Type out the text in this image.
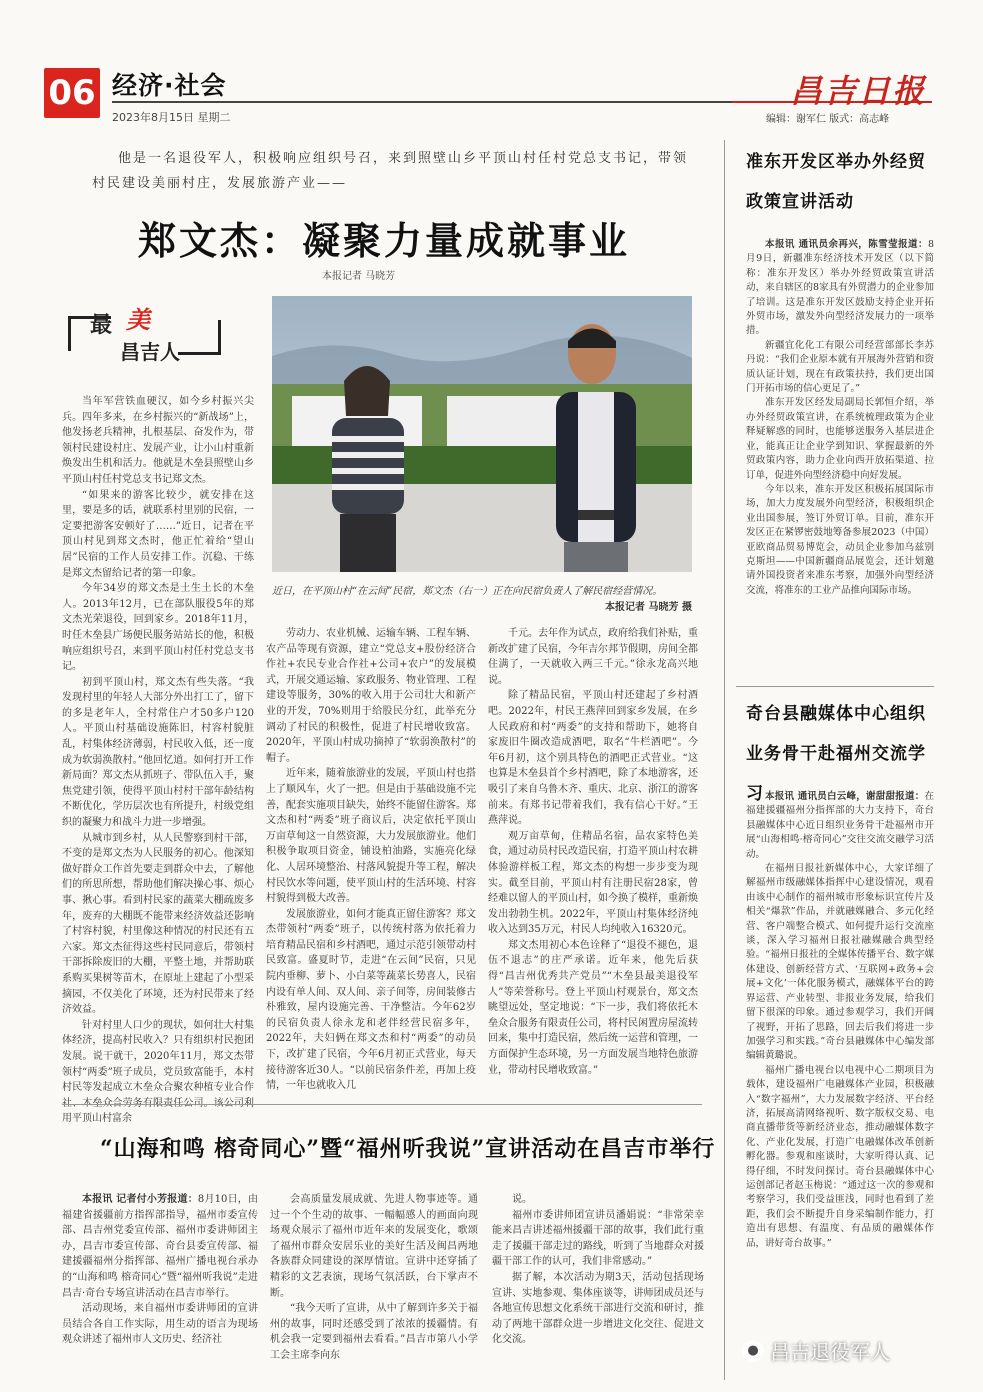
06 经济·社会
2023年8月15日 星期二
昌吉日报
编辑：谢军仁 版式：高志峰
他是一名退役军人，积极响应组织号召，来到照壁山乡平顶山村任村党总支书记，带领村民建设美丽村庄，发展旅游产业——
郑文杰：凝聚力量成就事业
本报记者 马晓芳
最 美
昌吉人
近日，在平顶山村“在云间”民宿，郑文杰（右一）正在向民宿负责人了解民宿经营情况。
本报记者 马晓芳 摄

当年军营铁血硬汉，如今乡村振兴尖兵。四年多来，在乡村振兴的“新战场”上，他发扬老兵精神，扎根基层、奋发作为，带领村民建设村庄、发展产业，让小山村重新焕发出生机和活力。他就是木垒县照壁山乡平顶山村任村党总支书记郑文杰。

“如果来的游客比较少，就安排在这里，要是多的话，就联系村里别的民宿，一定要把游客安顿好了……”近日，记者在平顶山村见到郑文杰时，他正忙着给“望山居”民宿的工作人员安排工作。沉稳、干练是郑文杰留给记者的第一印象。

今年34岁的郑文杰是土生土长的木垒人。2013年12月，已在部队服役5年的郑文杰光荣退役，回到家乡。2018年11月，时任木垒县广场便民服务站站长的他，积极响应组织号召，来到平顶山村任村党总支书记。

初到平顶山村，郑文杰有些失落。“我发现村里的年轻人大部分外出打工了，留下的多是老年人，全村常住户才50多户120人。平顶山村基础设施陈旧，村容村貌脏乱，村集体经济薄弱，村民收入低，还一度成为软弱涣散村。”他回忆道。如何打开工作新局面？郑文杰从抓班子、带队伍入手，聚焦党建引领，使得平顶山村村干部年龄结构不断优化，学历层次也有所提升，村级党组织的凝聚力和战斗力进一步增强。

从城市到乡村，从人民警察到村干部，不变的是郑文杰为人民服务的初心。他深知做好群众工作首先要走到群众中去，了解他们的所思所想，帮助他们解决操心事、烦心事、揪心事。看到村民家的蔬菜大棚疏废多年，废弃的大棚既不能带来经济效益还影响了村容村貌，村里像这种情况的村民还有五六家。郑文杰征得这些村民同意后，带领村干部拆除废旧的大棚，平整土地，并帮助联系购买果树等苗木，在原址上建起了小型采摘园，不仅美化了环境，还为村民带来了经济效益。

针对村里人口少的现状，如何壮大村集体经济，提高村民收入？只有组织村民抱团发展。说干就干，2020年11月，郑文杰带领村“两委”班子成员，党员致富能手，本村村民等发起成立木垒众合聚农种植专业合作 用平顶山村富余

劳动力、农业机械、运输车辆、工程车辆、农产品等现有资源，建立“党总支+股份经济合作社+农民专业合作社+公司+农户”的发展模式，开展交通运输、家政服务、物业管理、工程建设等服务，30%的收入用于公司壮大和新产业的开发，70%则用于给股民分红，此举充分调动了村民的积极性，促进了村民增收致富。2020年，平顶山村成功摘掉了“软弱涣散村”的帽子。

近年来，随着旅游业的发展，平顶山村也搭上了顺风车，火了一把。但是由于基础设施不完善，配套实施项目缺失，始终不能留住游客。郑文杰和村“两委”班子商议后，决定依托平顶山万亩草甸这一自然资源，大力发展旅游业。他们积极争取项目资金，铺设柏油路，实施亮化绿化、人居环境整治、村落风貌提升等工程，解决村民饮水等问题，使平顶山村的生活环境、村容村貌得到极大改善。

发展旅游业，如何才能真正留住游客？郑文杰带领村“两委”班子，以传统村落为依托着力培育精品民宿和乡村酒吧，通过示范引领带动村民致富。盛夏时节，走进“在云间”民宿，只见院内垂柳、萝卜、小白菜等蔬菜长势喜人，民宿内设有单人间、双人间、亲子间等，房间装修古朴雅致，屋内设施完善、干净整洁。今年62岁的民宿负责人徐永龙和老伴经营民宿多年，2022年，夫妇俩在郑文杰和村“两委”的动员下，改扩建了民宿，今年6月初正式营业，每天接待游客近30人。“以前民宿条件差，再加上疫情，一年也就收入几

千元。去年作为试点，政府给我们补贴，重新改扩建了民宿，今年吉尔邦节假期，房间全都住满了，一天就收入两三千元。”徐永龙高兴地说。

除了精品民宿，平顶山村还建起了乡村酒吧。2022年，村民王燕萍回到家乡发展，在乡人民政府和村“两委”的支持和帮助下，她将自家废旧牛圈改造成酒吧，取名“牛栏酒吧”。今年6月初，这个别具特色的酒吧正式营业。“这也算是木垒县首个乡村酒吧，除了本地游客，还吸引了来自乌鲁木齐、重庆、北京、浙江的游客前来。有郑书记带着我们，我有信心干好。”王燕萍说。

观万亩草甸，住精品名宿，品农家特色美食，通过动员村民改造民宿，打造平顶山村农耕体验游样板工程，郑文杰的构想一步步变为现实。截至目前，平顶山村有注册民宿28家，曾经难以留人的平顶山村，如今换了模样，重新焕发出勃勃生机。2022年，平顶山村集体经济纯收入达到35万元，村民人均纯收入16320元。

郑文杰用初心本色诠释了“退役不褪色，退伍不退志”的庄严承诺。近年来，他先后获得“昌吉州优秀共产党员”“木垒县最美退役军人”等荣誉称号。登上平顶山村观景台，郑文杰眺望远处，坚定地说：“下一步，我们将依托木垒众合服务有限责任公司，将村民闲置房屋流转回来，集中打造民宿，然后统一运营和管理，一方面保护生态环境，另一方面发展当地特色旅游业，带动村民增收致富。”

准东开发区举办外经贸政策宣讲活动

本报讯 通讯员余再兴，陈雪莹报道：8月9日，新疆准东经济技术开发区（以下简称：准东开发区）举办外经贸政策宣讲活动，来自辖区的8家具有外贸潜力的企业参加了培训。这是准东开发区鼓励支持企业开拓外贸市场，激发外向型经济发展力的一项举措。

新疆宜化化工有限公司经营部部长李苏丹说：“我们企业原本就有开展海外营销和资质认证计划，现在有政策扶持，我们更出国门开拓市场的信心更足了。”

准东开发区经发局副局长郭恒介绍，举办外经贸政策宣讲，在系统梳理政策为企业释疑解惑的同时，也能够送服务入基层进企业，能真正让企业学到知识、掌握最新的外贸政策内容，助力企业向西开放拓渠道、拉订单，促进外向型经济稳中向好发展。

今年以来，准东开发区积极拓展国际市场，加大力度发展外向型经济，积极组织企业出国参展，签订外贸订单。目前，准东开发区正在紧锣密鼓地筹备参展2023（中国）亚欧商品贸易博览会，动员企业参加乌兹别克斯坦——中国新疆商品展览会，还计划邀请外国投资者来准东考察，加强外向型经济交流，将准东的工业产品推向国际市场。

奇台县融媒体中心组织业务骨干赴福州交流学习 本报讯 通讯员白云峰，谢甜甜报道：在福建援疆福州分指挥部的大力支持下，奇台县融媒体中心近日组织业务骨干赴福州市开展“山海相鸣·榕奇同心”交往交流交融学习活动。

在福州日报社新媒体中心，大家详细了解福州市级融媒体指挥中心建设情况，观看由该中心制作的福州城市形象标识宣传片及相关“爆款”作品，并就融媒融合、多元化经营、客户端整合模式、如何提升运行交流座谈，深入学习福州日报社融媒融合典型经验。“福州日报社的全媒体传播平台、数字媒体建设、创新经营方式、‘互联网+政务+会展+文化’一体化服务模式，融媒体平台的跨界运营、产业转型、非报业务发展，给我们留下很深的印象。通过参观学习，我们开阔了视野，开拓了思路，回去后我们将进一步加强学习和实践。”奇台县融媒体中心编发部编辑黄璐说。

福州广播电视台以电视中心二期项目为载体，建设福州广电融媒体产业园，积极融入“数字福州”，大力发展数字经济、平台经济，拓展高清网络视听、数字版权交易、电商直播带货等新经济业态，推动融媒体数字化、产业化发展，打造广电融媒体改革创新孵化器。参观和座谈时，大家听得认真、记得仔细，不时发问探讨。奇台县融媒体中心运创部记者赵玉梅说：“通过这一次的参观和考察学习，我们受益匪浅，同时也看到了差距，我们会不断提升自身采编制作能力，打造出有思想、有温度、有品质的融媒体作品，讲好奇台故事。”

“山海和鸣 榕奇同心”暨“福州听我说”宣讲活动在昌吉市举行

本报讯 记者付小芳报道：8月10日，由福建省援疆前方指挥部指导，福州市委宣传部、昌吉州党委宣传部、福州市委讲师团主办，昌吉市委宣传部、奇台县委宣传部、福建援疆福州分指挥部、福州广播电视台承办的“山海和鸣 榕奇同心”暨“福州听我说”走进昌吉·奇台专场宣讲活动在昌吉市举行。

活动现场，来自福州市委讲师团的宣讲员结合各自工作实际，用生动的语言为现场观众讲述了福州市人文历史、经济社

会高质量发展成就、先进人物事迹等。通过一个个生动的故事、一幅幅感人的画面向现场观众展示了福州市近年来的发展变化，歌颂了福州市群众安居乐业的美好生活及闽昌两地各族群众同建设的深厚情谊。宣讲中还穿插了精彩的文艺表演，现场气氛活跃，台下掌声不断。

“我今天听了宣讲，从中了解到许多关于福州的故事，同时还感受到了浓浓的援疆情。有机会我一定要到福州去看看。”昌吉市第八小学工会主席李向东

说。

福州市委讲师团宣讲员潘娟说：“非常荣幸能来昌吉讲述福州援疆干部的故事，我们此行重走了援疆干部走过的路线，听到了当地群众对援疆干部工作的认可，我们非常感动。”

据了解，本次活动为期3天，活动包括现场宣讲、实地参观、集体座谈等，讲师团成员还与各地宣传思想文化系统干部进行交流和研讨，推动了两地干部群众进一步增进文化交往、促进文化交流。

● 昌吉退役军人
